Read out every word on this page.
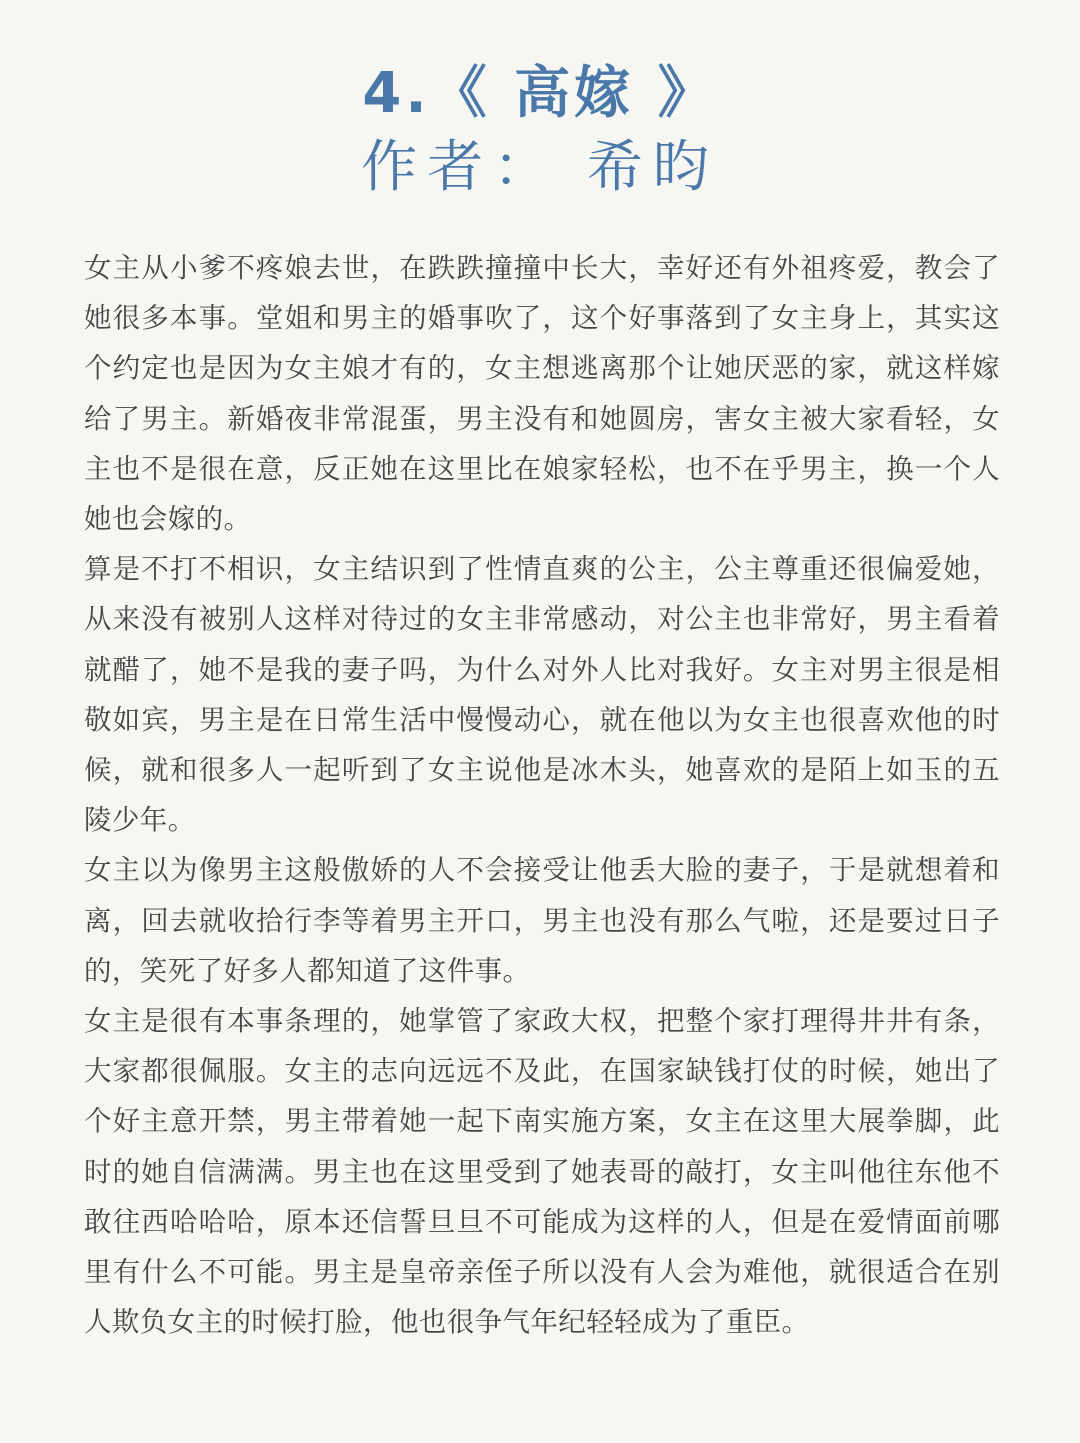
4.《 高嫁 》
作者： 希昀

女主从小爹不疼娘去世，在跌跌撞撞中长大，幸好还有外祖疼爱，教会了她很多本事。堂姐和男主的婚事吹了，这个好事落到了女主身上，其实这个约定也是因为女主娘才有的，女主想逃离那个让她厌恶的家，就这样嫁给了男主。新婚夜非常混蛋，男主没有和她圆房，害女主被大家看轻，女主也不是很在意，反正她在这里比在娘家轻松，也不在乎男主，换一个人她也会嫁的。

算是不打不相识，女主结识到了性情直爽的公主，公主尊重还很偏爱她，从来没有被别人这样对待过的女主非常感动，对公主也非常好，男主看着就醋了，她不是我的妻子吗，为什么对外人比对我好。女主对男主很是相敬如宾，男主是在日常生活中慢慢动心，就在他以为女主也很喜欢他的时候，就和很多人一起听到了女主说他是冰木头，她喜欢的是陌上如玉的五陵少年。

女主以为像男主这般傲娇的人不会接受让他丢大脸的妻子，于是就想着和离，回去就收拾行李等着男主开口，男主也没有那么气啦，还是要过日子的，笑死了好多人都知道了这件事。

女主是很有本事条理的，她掌管了家政大权，把整个家打理得井井有条，大家都很佩服。女主的志向远远不及此，在国家缺钱打仗的时候，她出了个好主意开禁，男主带着她一起下南实施方案，女主在这里大展拳脚，此时的她自信满满。男主也在这里受到了她表哥的敲打，女主叫他往东他不敢往西哈哈哈，原本还信誓旦旦不可能成为这样的人，但是在爱情面前哪里有什么不可能。男主是皇帝亲侄子所以没有人会为难他，就很适合在别人欺负女主的时候打脸，他也很争气年纪轻轻成为了重臣。
